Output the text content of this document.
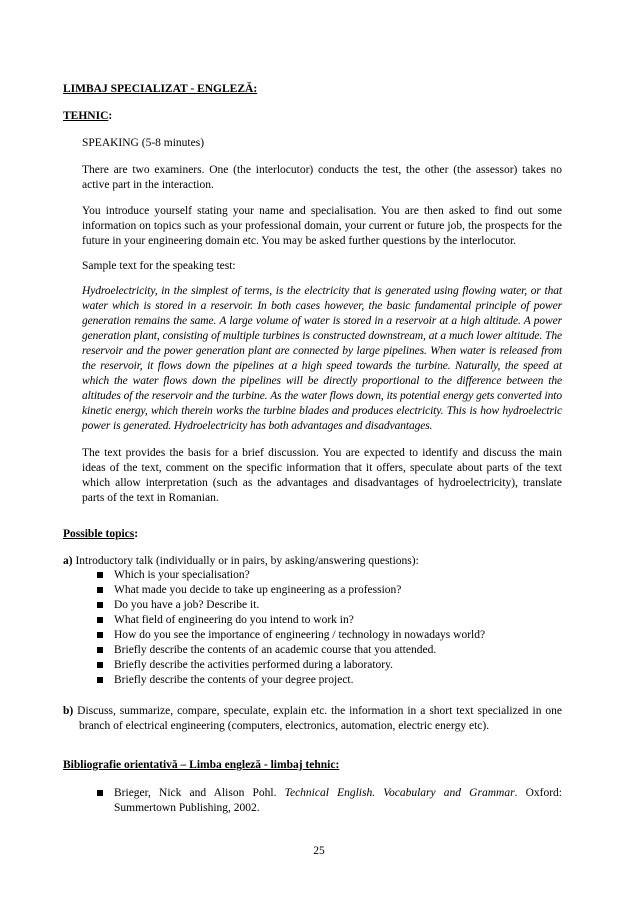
LIMBAJ SPECIALIZAT - ENGLEZĂ:
TEHNIC:
SPEAKING (5-8 minutes)
There are two examiners. One (the interlocutor) conducts the test, the other (the assessor) takes no active part in the interaction.
You introduce yourself stating your name and specialisation. You are then asked to find out some information on topics such as your professional domain, your current or future job, the prospects for the future in your engineering domain etc. You may be asked further questions by the interlocutor.
Sample text for the speaking test:
Hydroelectricity, in the simplest of terms, is the electricity that is generated using flowing water, or that water which is stored in a reservoir. In both cases however, the basic fundamental principle of power generation remains the same. A large volume of water is stored in a reservoir at a high altitude. A power generation plant, consisting of multiple turbines is constructed downstream, at a much lower altitude. The reservoir and the power generation plant are connected by large pipelines. When water is released from the reservoir, it flows down the pipelines at a high speed towards the turbine. Naturally, the speed at which the water flows down the pipelines will be directly proportional to the difference between the altitudes of the reservoir and the turbine. As the water flows down, its potential energy gets converted into kinetic energy, which therein works the turbine blades and produces electricity. This is how hydroelectric power is generated. Hydroelectricity has both advantages and disadvantages.
The text provides the basis for a brief discussion. You are expected to identify and discuss the main ideas of the text, comment on the specific information that it offers, speculate about parts of the text which allow interpretation (such as the advantages and disadvantages of hydroelectricity), translate parts of the text in Romanian.
Possible topics:
a) Introductory talk (individually or in pairs, by asking/answering questions):
Which is your specialisation?
What made you decide to take up engineering as a profession?
Do you have a job? Describe it.
What field of engineering do you intend to work in?
How do you see the importance of engineering / technology in nowadays world?
Briefly describe the contents of an academic course that you attended.
Briefly describe the activities performed during a laboratory.
Briefly describe the contents of your degree project.
b) Discuss, summarize, compare, speculate, explain etc. the information in a short text specialized in one branch of electrical engineering (computers, electronics, automation, electric energy etc).
Bibliografie orientativă – Limba engleză - limbaj tehnic:
Brieger, Nick and Alison Pohl. Technical English. Vocabulary and Grammar. Oxford: Summertown Publishing, 2002.
25
